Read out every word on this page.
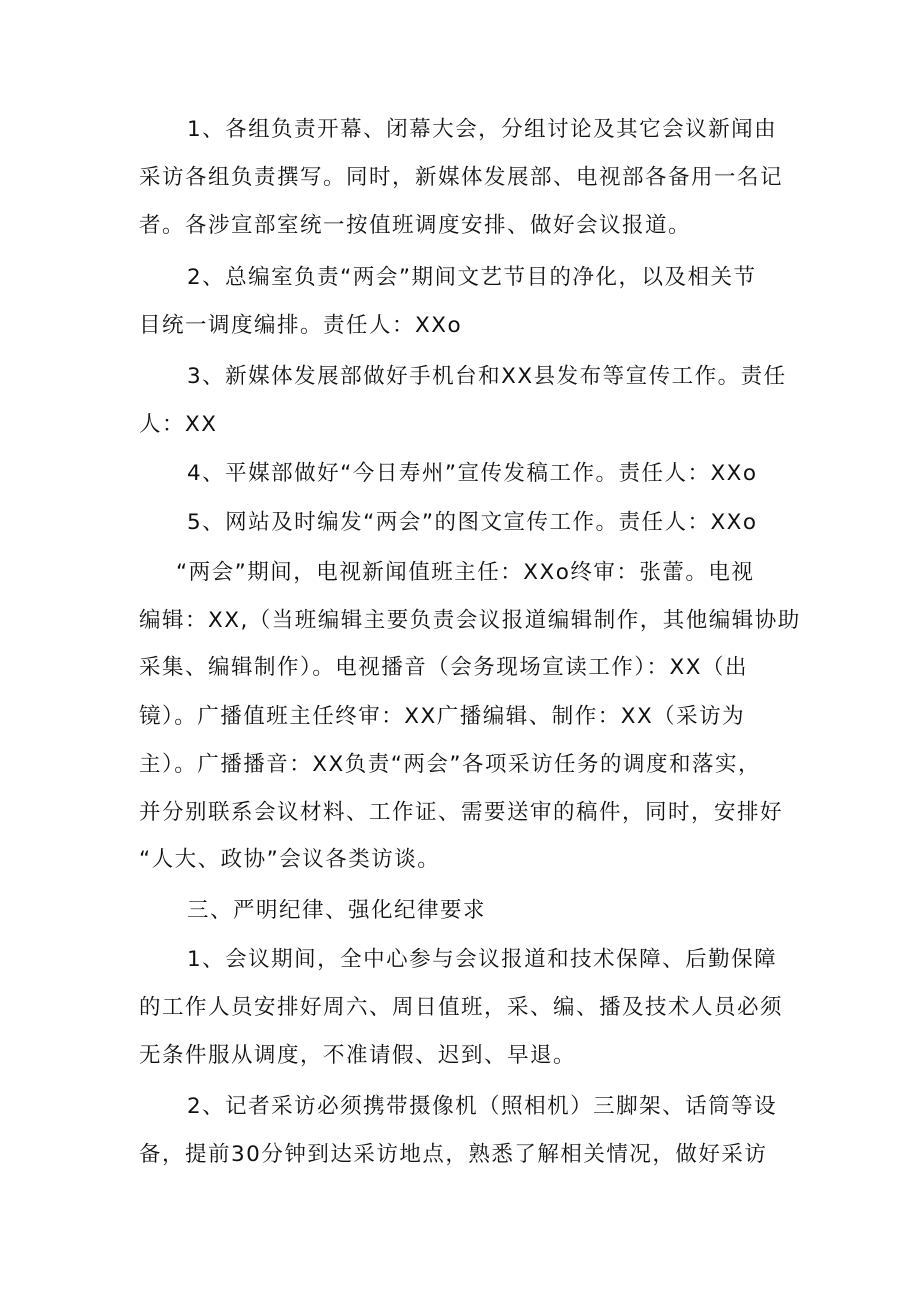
1、各组负责开幕、闭幕大会，分组讨论及其它会议新闻由
采访各组负责撰写。同时，新媒体发展部、电视部各备用一名记
者。各涉宣部室统一按值班调度安排、做好会议报道。
2、总编室负责“两会”期间文艺节目的净化，以及相关节
目统一调度编排。责任人：XXo
3、新媒体发展部做好手机台和XX县发布等宣传工作。责任
人：XX
4、平媒部做好“今日寿州”宣传发稿工作。责任人：XXo
5、网站及时编发“两会”的图文宣传工作。责任人：XXo
“两会”期间，电视新闻值班主任：XXo终审：张蕾。电视
编辑：XX,（当班编辑主要负责会议报道编辑制作，其他编辑协助
采集、编辑制作）。电视播音（会务现场宣读工作）：XX（出
镜）。广播值班主任终审：XX广播编辑、制作：XX（采访为
主）。广播播音：XX负责“两会”各项采访任务的调度和落实，
并分别联系会议材料、工作证、需要送审的稿件，同时，安排好
“人大、政协”会议各类访谈。
三、严明纪律、强化纪律要求
1、会议期间，全中心参与会议报道和技术保障、后勤保障
的工作人员安排好周六、周日值班，采、编、播及技术人员必须
无条件服从调度，不准请假、迟到、早退。
2、记者采访必须携带摄像机（照相机）三脚架、话筒等设
备，提前30分钟到达采访地点，熟悉了解相关情况，做好采访
